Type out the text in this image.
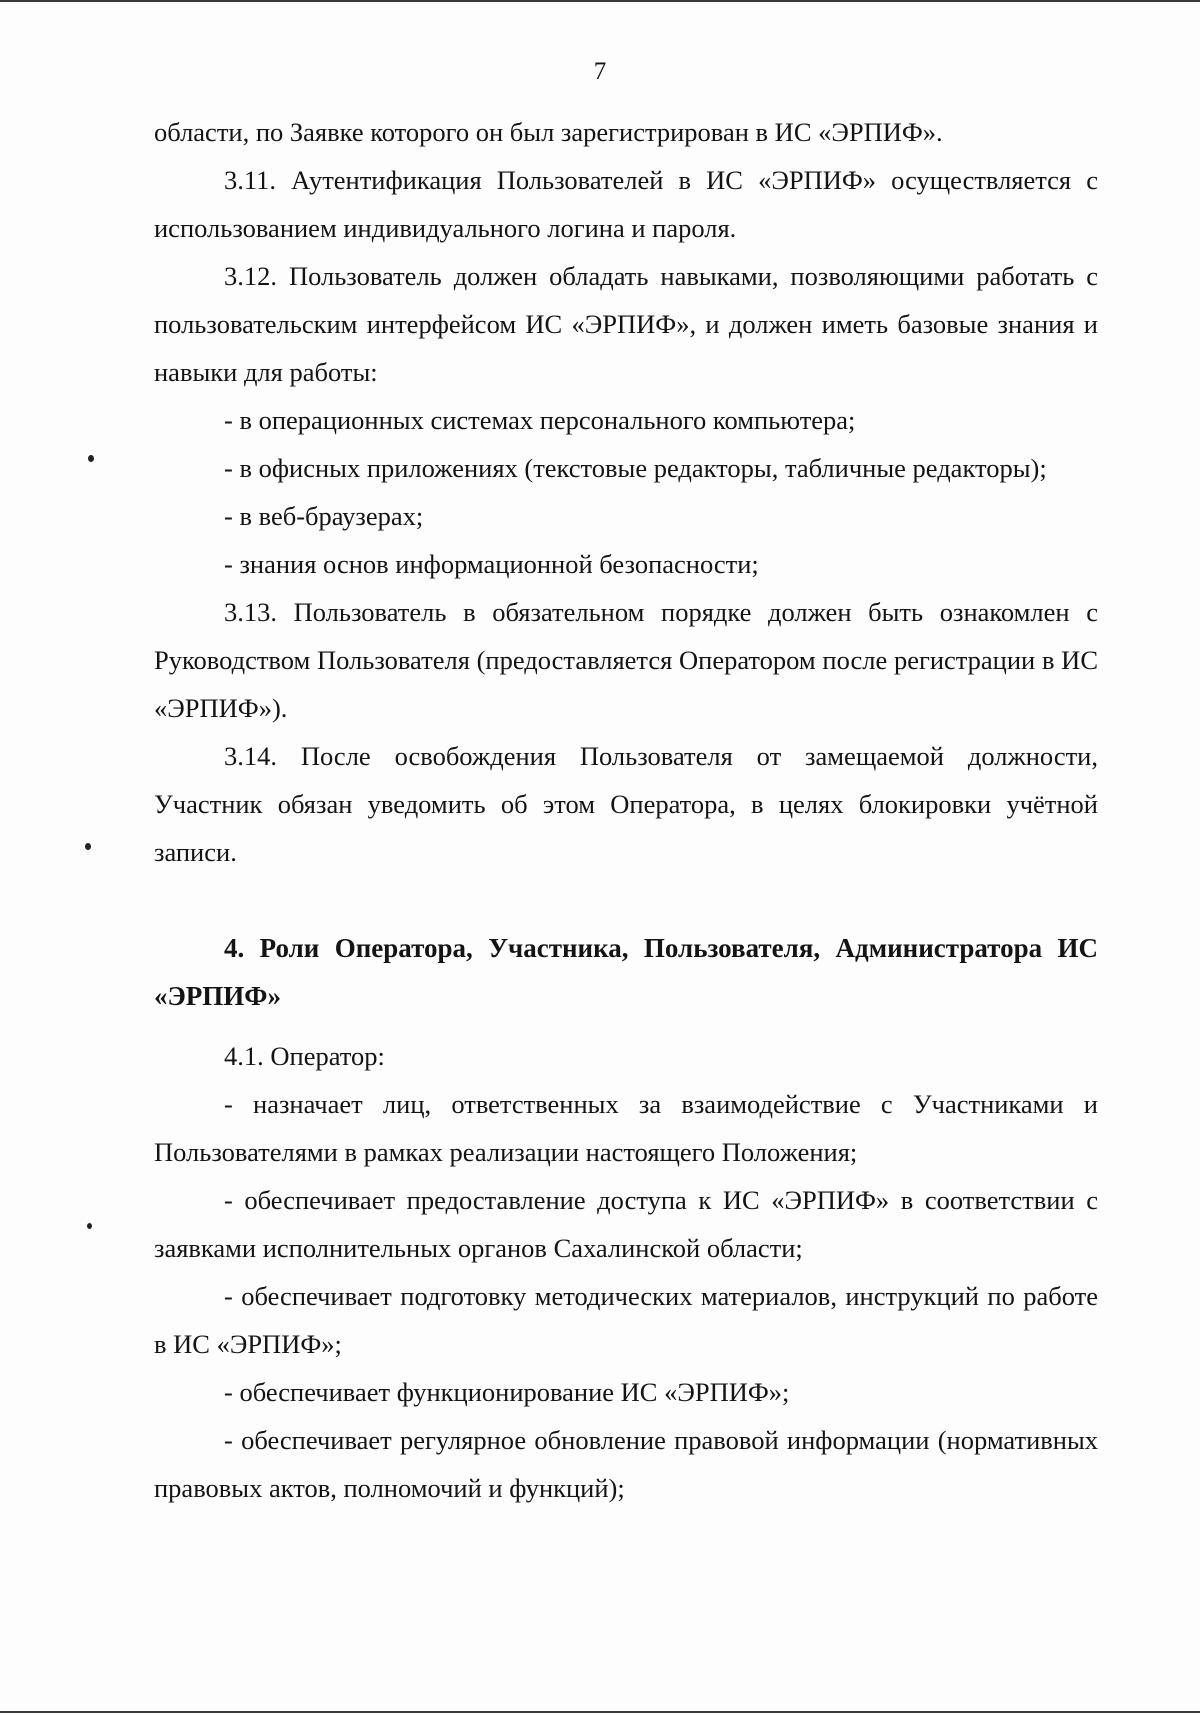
7

области, по Заявке которого он был зарегистрирован в ИС «ЭРПИФ».

3.11. Аутентификация Пользователей в ИС «ЭРПИФ» осуществляется с использованием индивидуального логина и пароля.

3.12. Пользователь должен обладать навыками, позволяющими работать с пользовательским интерфейсом ИС «ЭРПИФ», и должен иметь базовые знания и навыки для работы:

- в операционных системах персонального компьютера;

- в офисных приложениях (текстовые редакторы, табличные редакторы);

- в веб-браузерах;

- знания основ информационной безопасности;

3.13. Пользователь в обязательном порядке должен быть ознакомлен с Руководством Пользователя (предоставляется Оператором после регистрации в ИС «ЭРПИФ»).

3.14. После освобождения Пользователя от замещаемой должности, Участник обязан уведомить об этом Оператора, в целях блокировки учётной записи.

4. Роли Оператора, Участника, Пользователя, Администратора ИС «ЭРПИФ»

4.1. Оператор:

- назначает лиц, ответственных за взаимодействие с Участниками и Пользователями в рамках реализации настоящего Положения;

- обеспечивает предоставление доступа к ИС «ЭРПИФ» в соответствии с заявками исполнительных органов Сахалинской области;

- обеспечивает подготовку методических материалов, инструкций по работе в ИС «ЭРПИФ»;

- обеспечивает функционирование ИС «ЭРПИФ»;

- обеспечивает регулярное обновление правовой информации (нормативных правовых актов, полномочий и функций);
